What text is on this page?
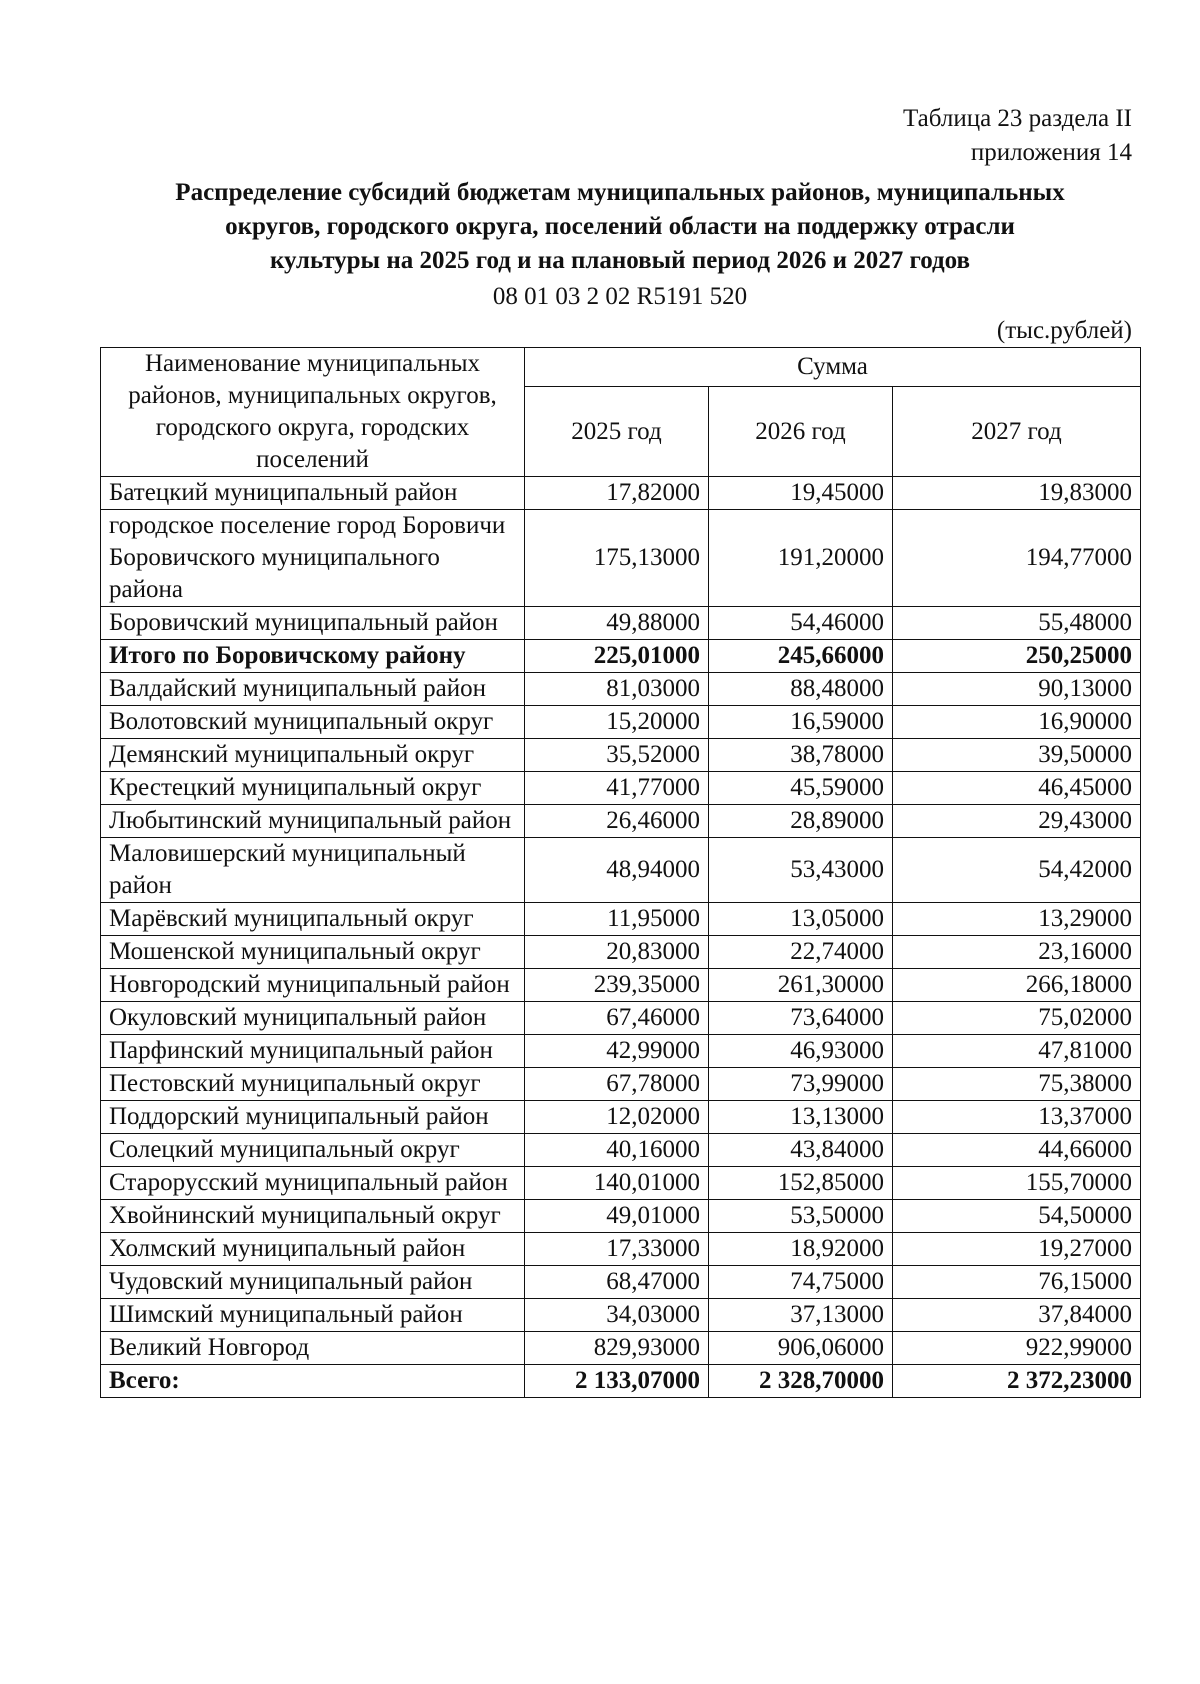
Таблица 23 раздела II
приложения 14
Распределение субсидий бюджетам муниципальных районов, муниципальных
округов, городского округа, поселений области на поддержку отрасли
культуры на 2025 год и на плановый период 2026 и 2027 годов
08 01 03 2 02 R5191 520
(тыс.рублей)
Наименование муниципальных районов, муниципальных округов, городского округа, городских поселений	Сумма		
	2025 год	2026 год	2027 год
Батецкий муниципальный район	17,82000	19,45000	19,83000
городское поселение город Боровичи Боровичского муниципального района	175,13000	191,20000	194,77000
Боровичский муниципальный район	49,88000	54,46000	55,48000
Итого по Боровичскому району	225,01000	245,66000	250,25000
Валдайский муниципальный район	81,03000	88,48000	90,13000
Волотовский муниципальный округ	15,20000	16,59000	16,90000
Демянский муниципальный округ	35,52000	38,78000	39,50000
Крестецкий муниципальный округ	41,77000	45,59000	46,45000
Любытинский муниципальный район	26,46000	28,89000	29,43000
Маловишерский муниципальный район	48,94000	53,43000	54,42000
Марёвский муниципальный округ	11,95000	13,05000	13,29000
Мошенской муниципальный округ	20,83000	22,74000	23,16000
Новгородский муниципальный район	239,35000	261,30000	266,18000
Окуловский муниципальный район	67,46000	73,64000	75,02000
Парфинский муниципальный район	42,99000	46,93000	47,81000
Пестовский муниципальный округ	67,78000	73,99000	75,38000
Поддорский муниципальный район	12,02000	13,13000	13,37000
Солецкий муниципальный округ	40,16000	43,84000	44,66000
Старорусский муниципальный район	140,01000	152,85000	155,70000
Хвойнинский муниципальный округ	49,01000	53,50000	54,50000
Холмский муниципальный район	17,33000	18,92000	19,27000
Чудовский муниципальный район	68,47000	74,75000	76,15000
Шимский муниципальный район	34,03000	37,13000	37,84000
Великий Новгород	829,93000	906,06000	922,99000
Всего:	2 133,07000	2 328,70000	2 372,23000
